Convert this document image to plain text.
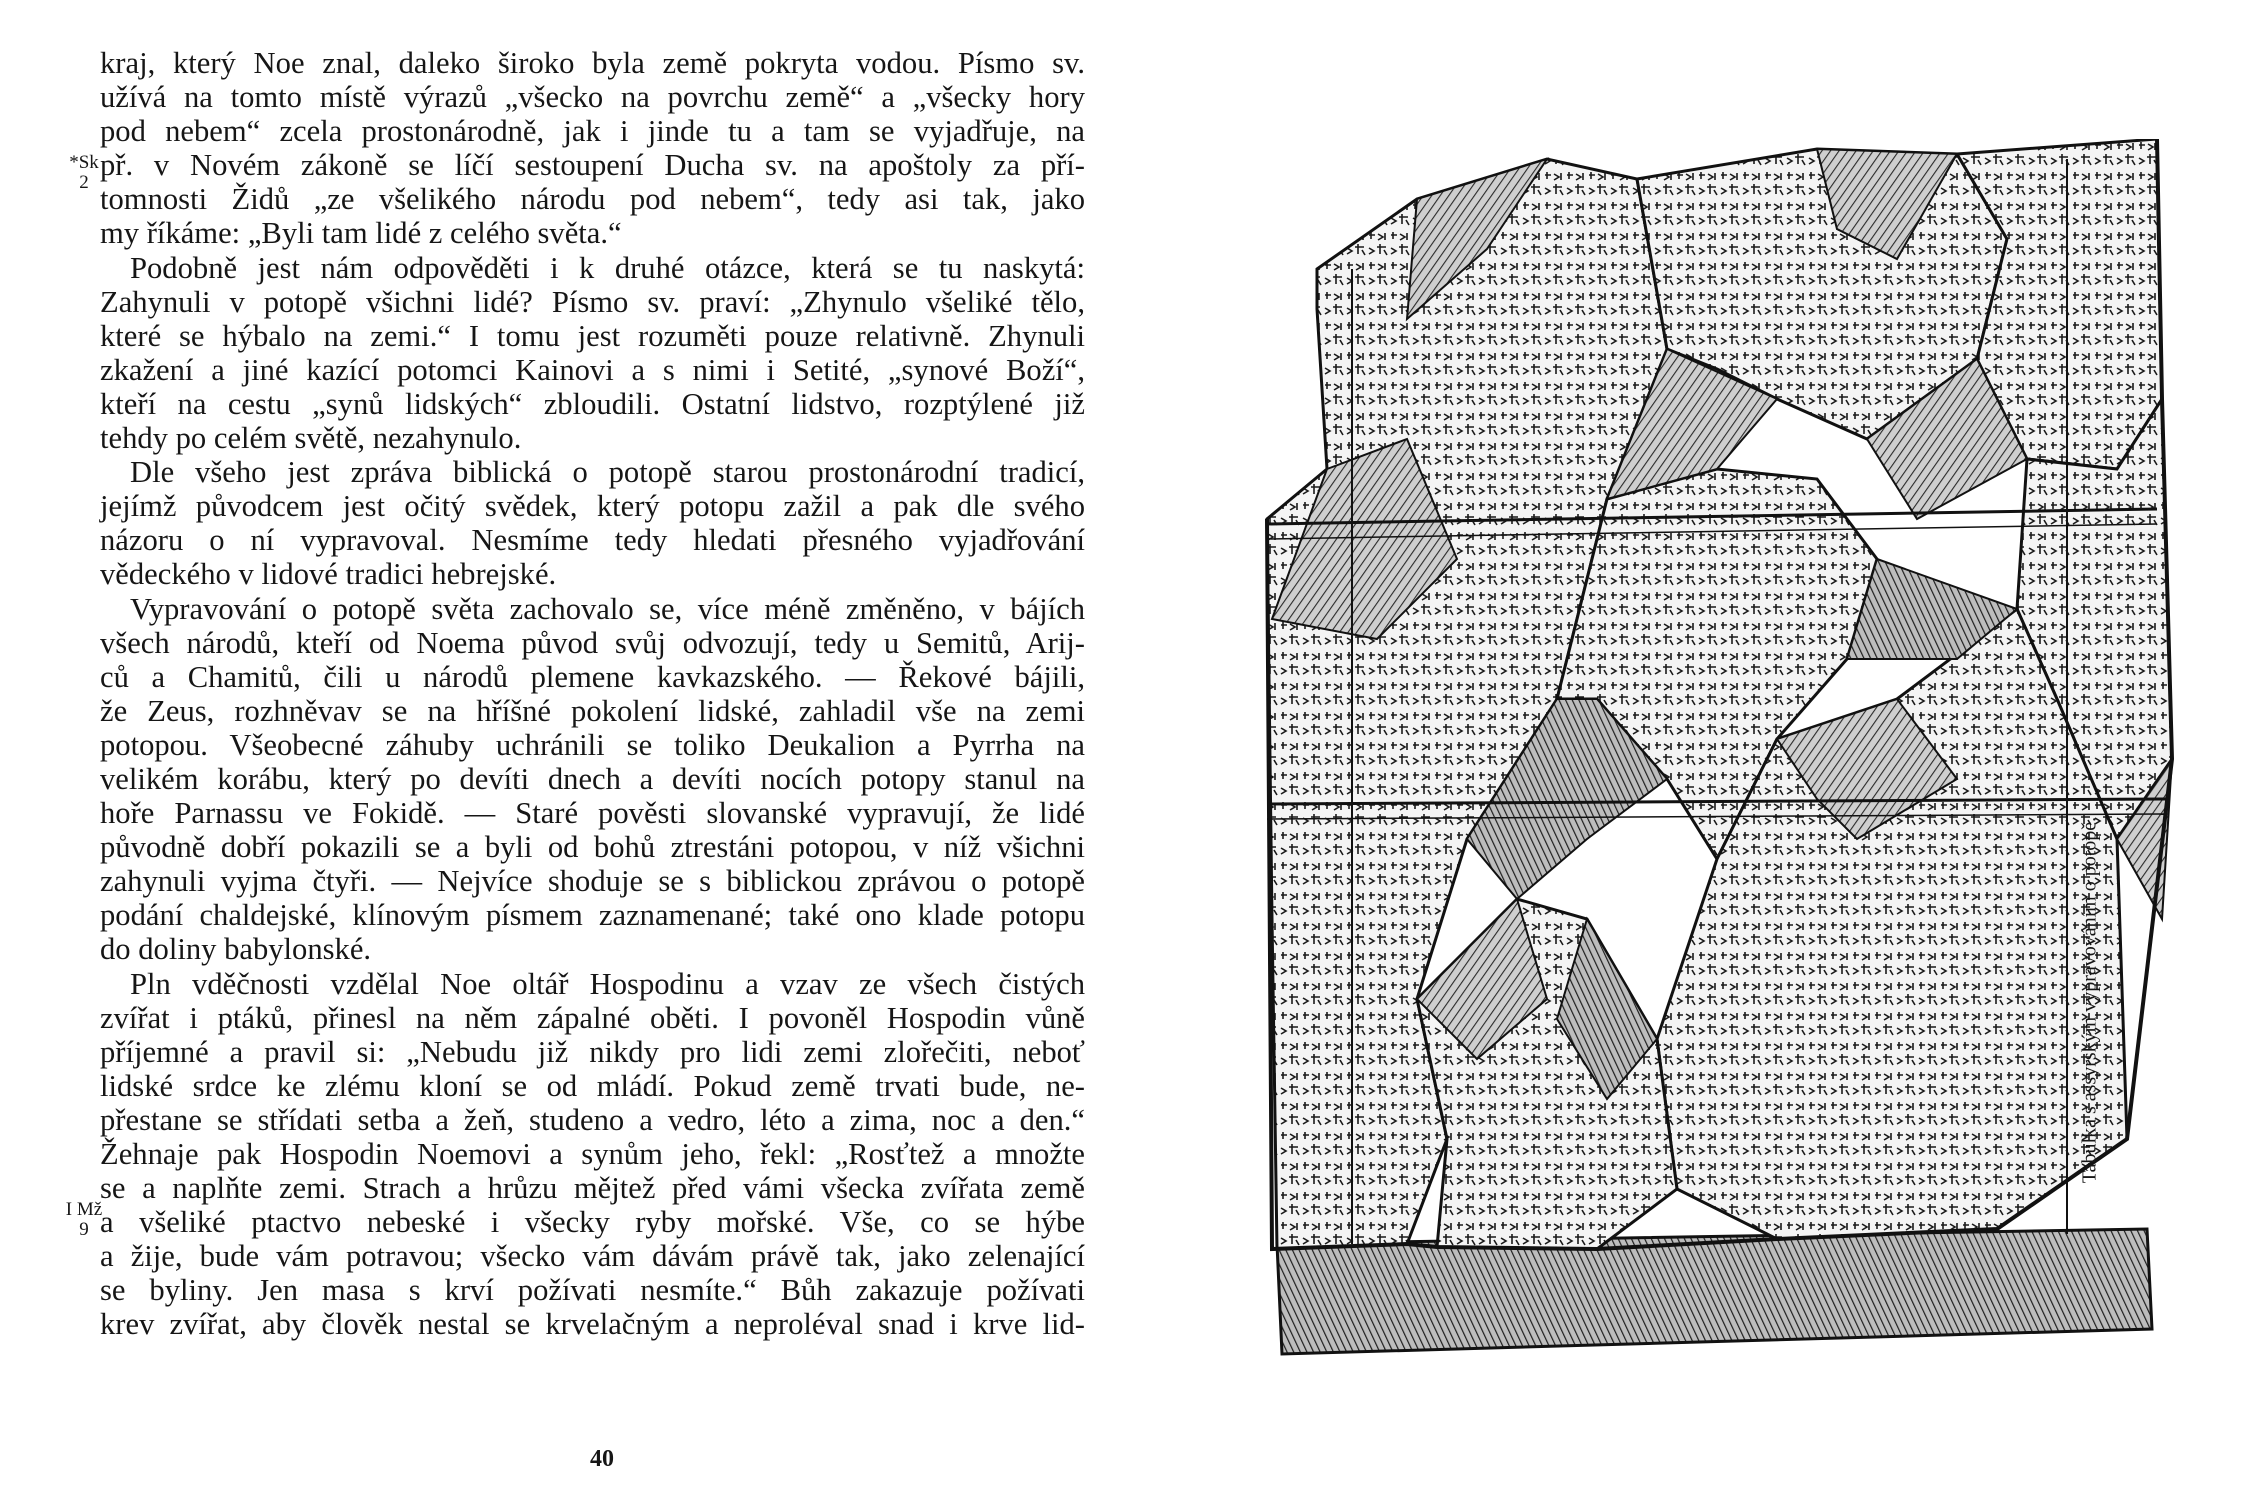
kraj, který Noe znal, daleko široko byla země pokryta vodou. Písmo sv.
užívá na tomto místě výrazů „všecko na povrchu země“ a „všecky hory
pod nebem“ zcela prostonárodně, jak i jinde tu a tam se vyjadřuje, na
př. v Novém zákoně se líčí sestoupení Ducha sv. na apoštoly za pří-
tomnosti Židů „ze všelikého národu pod nebem“, tedy asi tak, jako
my říkáme: „Byli tam lidé z celého světa.“
Podobně jest nám odpověděti i k druhé otázce, která se tu naskytá:
Zahynuli v potopě všichni lidé? Písmo sv. praví: „Zhynulo všeliké tělo,
které se hýbalo na zemi.“ I tomu jest rozuměti pouze relativně. Zhynuli
zkažení a jiné kazící potomci Kainovi a s nimi i Setité, „synové Boží“,
kteří na cestu „synů lidských“ zbloudili. Ostatní lidstvo, rozptýlené již
tehdy po celém světě, nezahynulo.
Dle všeho jest zpráva biblická o potopě starou prostonárodní tradicí,
jejímž původcem jest očitý svědek, který potopu zažil a pak dle svého
názoru o ní vypravoval. Nesmíme tedy hledati přesného vyjadřování
vědeckého v lidové tradici hebrejské.
Vypravování o potopě světa zachovalo se, více méně změněno, v bájích
všech národů, kteří od Noema původ svůj odvozují, tedy u Semitů, Arij-
ců a Chamitů, čili u národů plemene kavkazského. — Řekové bájili,
že Zeus, rozhněvav se na hříšné pokolení lidské, zahladil vše na zemi
potopou. Všeobecné záhuby uchránili se toliko Deukalion a Pyrrha na
velikém korábu, který po devíti dnech a devíti nocích potopy stanul na
hoře Parnassu ve Fokidě. — Staré pověsti slovanské vypravují, že lidé
původně dobří pokazili se a byli od bohů ztrestáni potopou, v níž všichni
zahynuli vyjma čtyři. — Nejvíce shoduje se s biblickou zprávou o potopě
podání chaldejské, klínovým písmem zaznamenané; také ono klade potopu
do doliny babylonské.
Pln vděčnosti vzdělal Noe oltář Hospodinu a vzav ze všech čistých
zvířat i ptáků, přinesl na něm zápalné oběti. I povoněl Hospodin vůně
příjemné a pravil si: „Nebudu již nikdy pro lidi zemi zlořečiti, neboť
lidské srdce ke zlému kloní se od mládí. Pokud země trvati bude, ne-
přestane se střídati setba a žeň, studeno a vedro, léto a zima, noc a den.“
Žehnaje pak Hospodin Noemovi a synům jeho, řekl: „Rosťtež a množte
se a naplňte zemi. Strach a hrůzu mějtež před vámi všecka zvířata země
a všeliké ptactvo nebeské i všecky ryby mořské. Vše, co se hýbe
a žije, bude vám potravou; všecko vám dávám právě tak, jako zelenající
se byliny. Jen masa s krví požívati nesmíte.“ Bůh zakazuje požívati
krev zvířat, aby člověk nestal se krvelačným a neproléval snad i krve lid-
*Sk
2
I Mž
9
40
Tabulka s assyrským vypravováním o potopě.
